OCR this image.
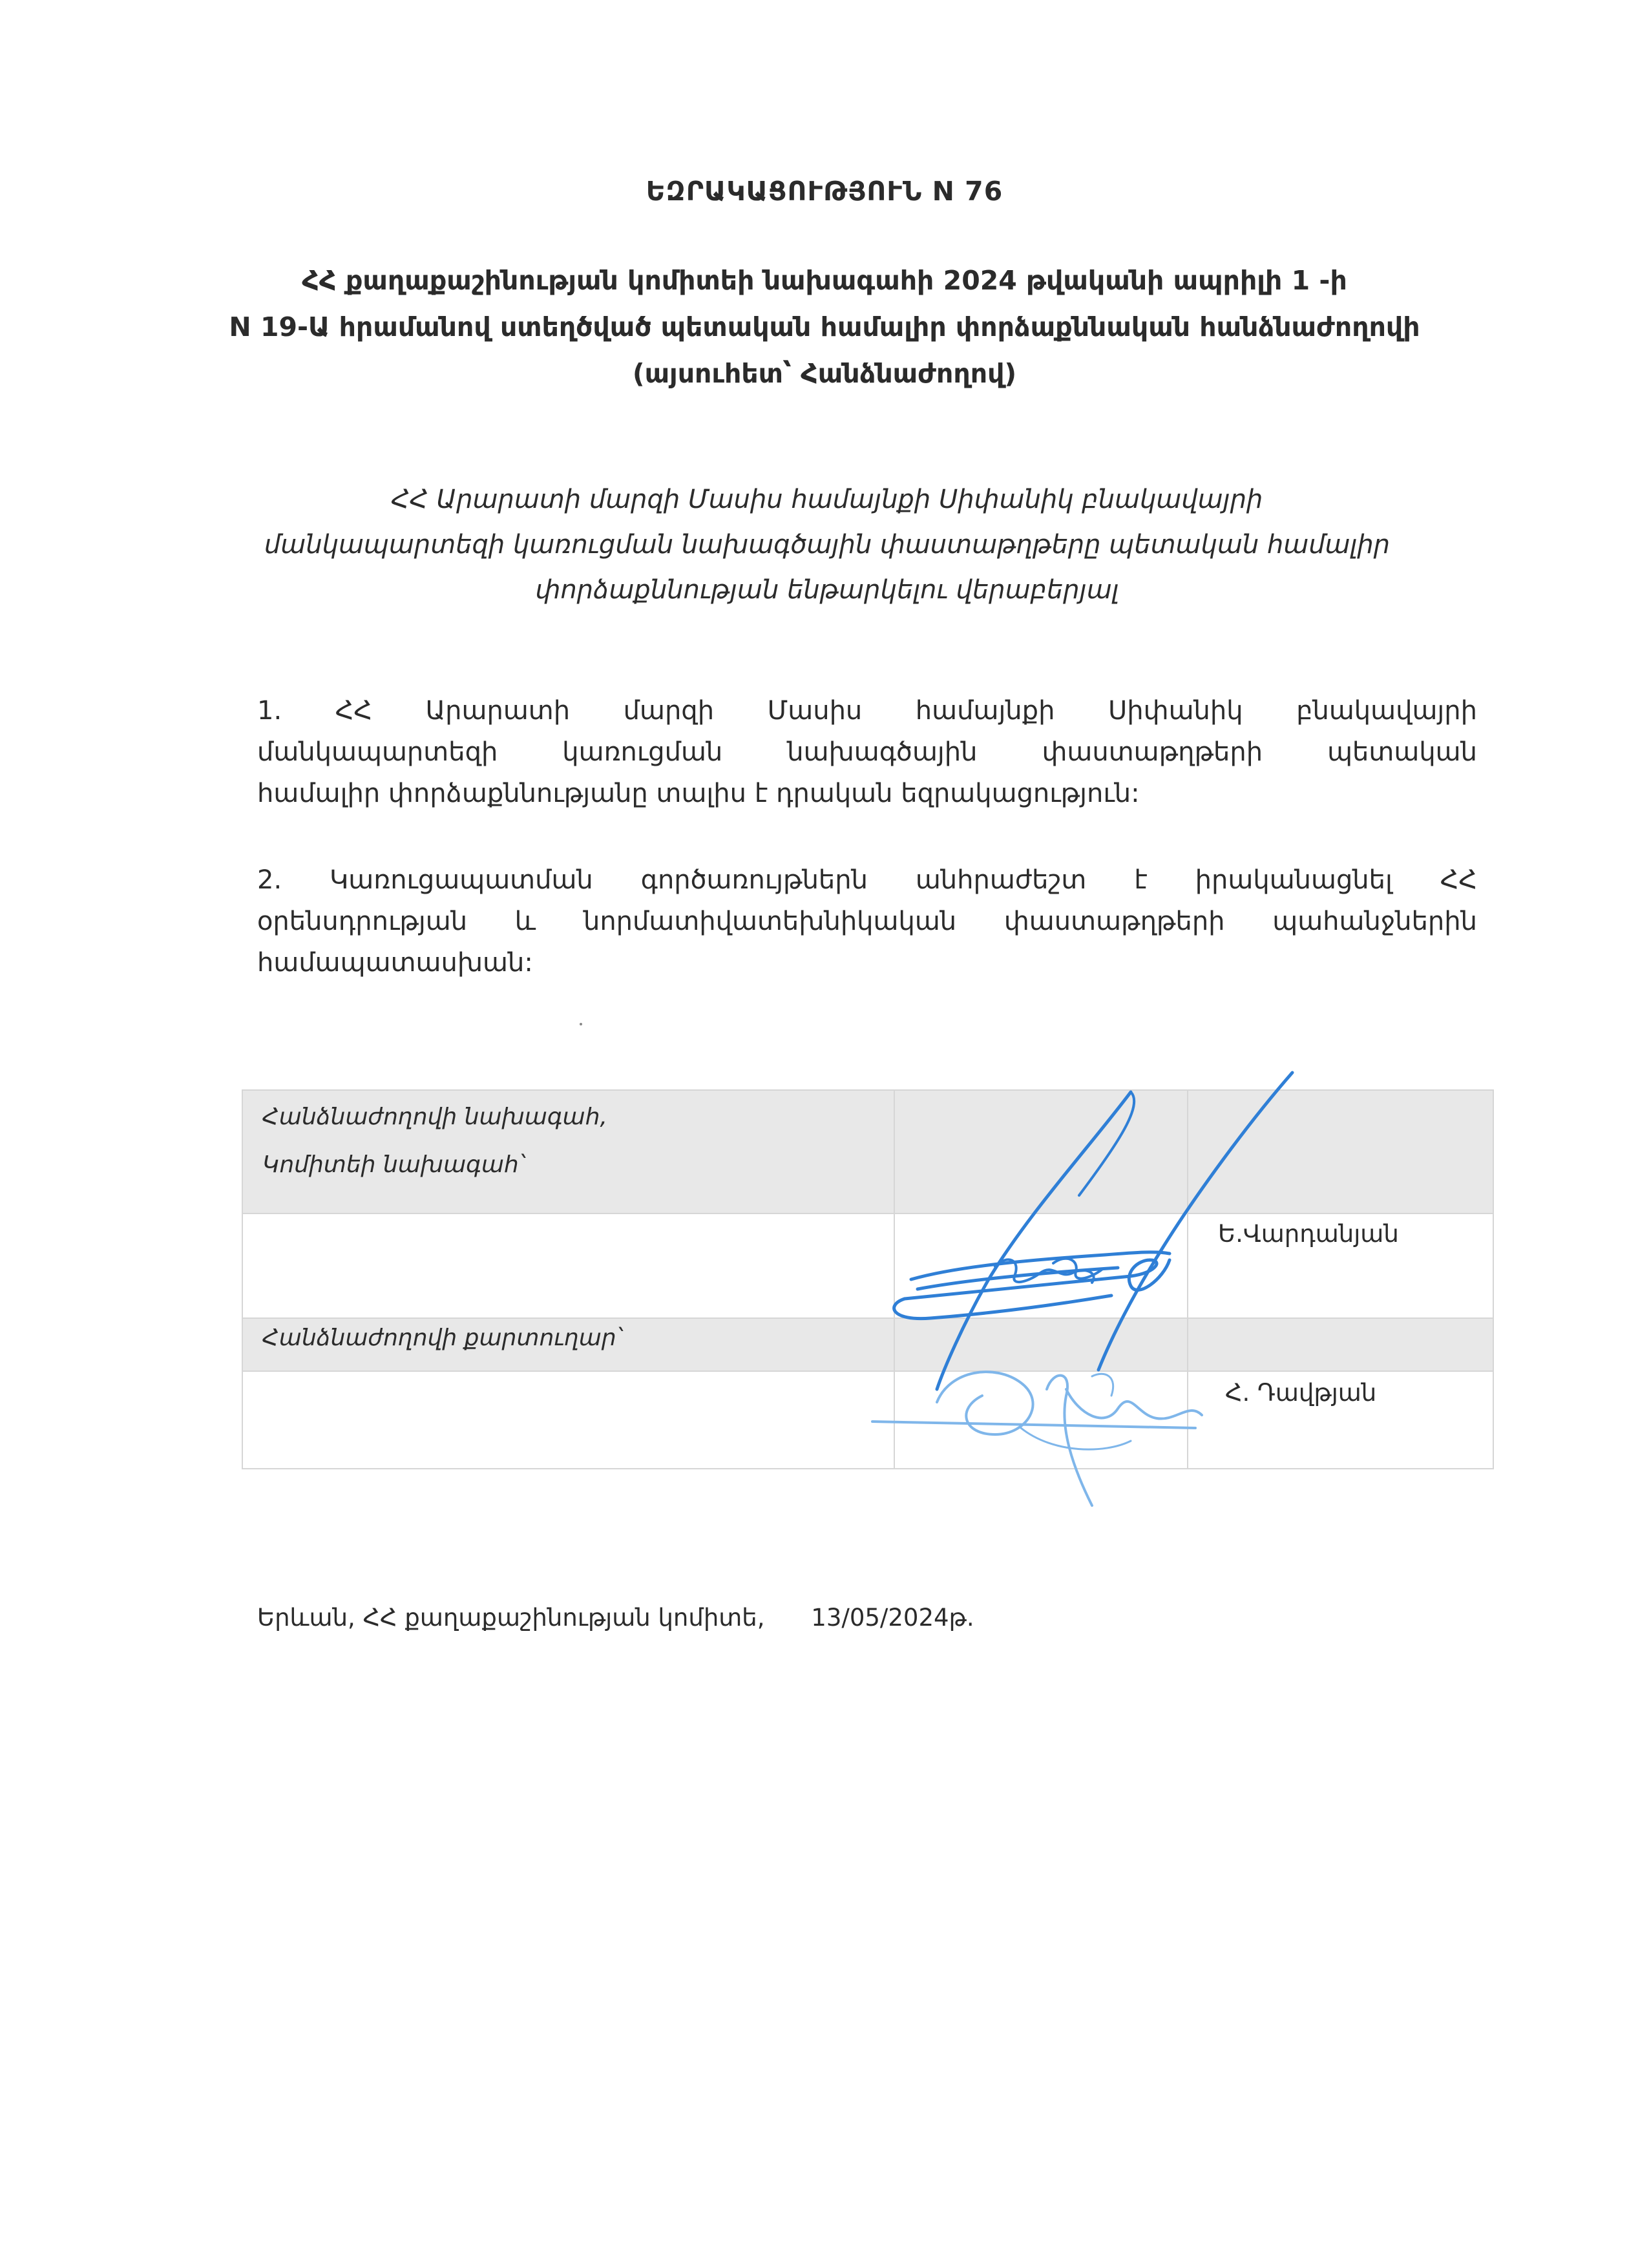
ԵԶՐԱԿԱՑՈՒԹՅՈՒՆ N 76
ՀՀ քաղաքաշինության կոմիտեի նախագահի 2024 թվականի ապրիլի 1 -ի
N 19-Ա հրամանով ստեղծված պետական համալիր փորձաքննական հանձնաժողովի
(այսուհետ՝ Հանձնաժողով)
ՀՀ Արարատի մարզի Մասիս համայնքի Սիփանիկ բնակավայրի
մանկապարտեզի կառուցման նախագծային փաստաթղթերը պետական համալիր
փորձաքննության ենթարկելու վերաբերյալ
1. ՀՀ Արարատի մարզի Մասիս համայնքի Սիփանիկ բնակավայրի
մանկապարտեզի կառուցման նախագծային փաստաթղթերի պետական
համալիր փորձաքննությանը տալիս է դրական եզրակացություն:
2. Կառուցապատման գործառույթներն անհրաժեշտ է իրականացնել ՀՀ
օրենսդրության և նորմատիվատեխնիկական փաստաթղթերի պահանջներին
համապատասխան:
Հանձնաժողովի նախագահ,
Կոմիտեի նախագահ՝
Ե.Վարդանյան
Հանձնաժողովի քարտուղար՝
Հ. Դավթյան
Երևան, ՀՀ քաղաքաշինության կոմիտե, 13/05/2024թ.
